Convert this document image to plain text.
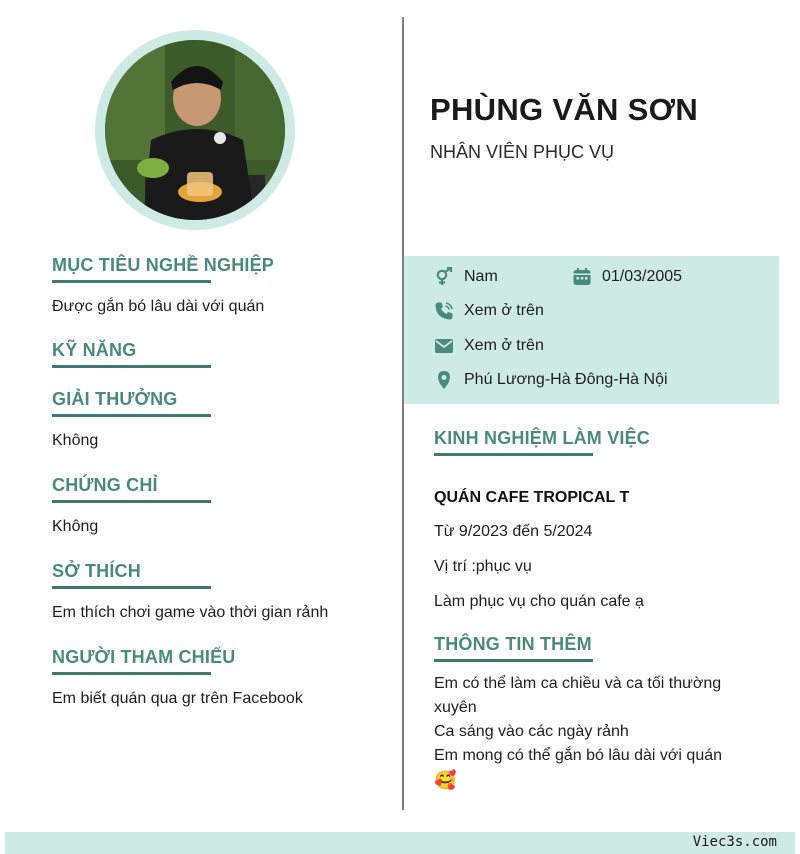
MỤC TIÊU NGHỀ NGHIỆP
Được gắn bó lâu dài với quán
KỸ NĂNG
GIẢI THƯỞNG
Không
CHỨNG CHỈ
Không
SỞ THÍCH
Em thích chơi game vào thời gian rảnh
NGƯỜI THAM CHIẾU
Em biết quán qua gr trên Facebook
PHÙNG VĂN SƠN
NHÂN VIÊN PHỤC VỤ
Nam	01/03/2005
Xem ở trên
Xem ở trên
Phú Lương-Hà Đông-Hà Nội
KINH NGHIỆM LÀM VIỆC
QUÁN CAFE TROPICAL T
Từ 9/2023 đến 5/2024
Vị trí :phục vụ
Làm phục vụ cho quán cafe ạ
THÔNG TIN THÊM
Em có thể làm ca chiều và ca tối thường xuyên
Ca sáng vào các ngày rảnh
Em mong có thể gắn bó lâu dài với quán
🥰
Viec3s.com
